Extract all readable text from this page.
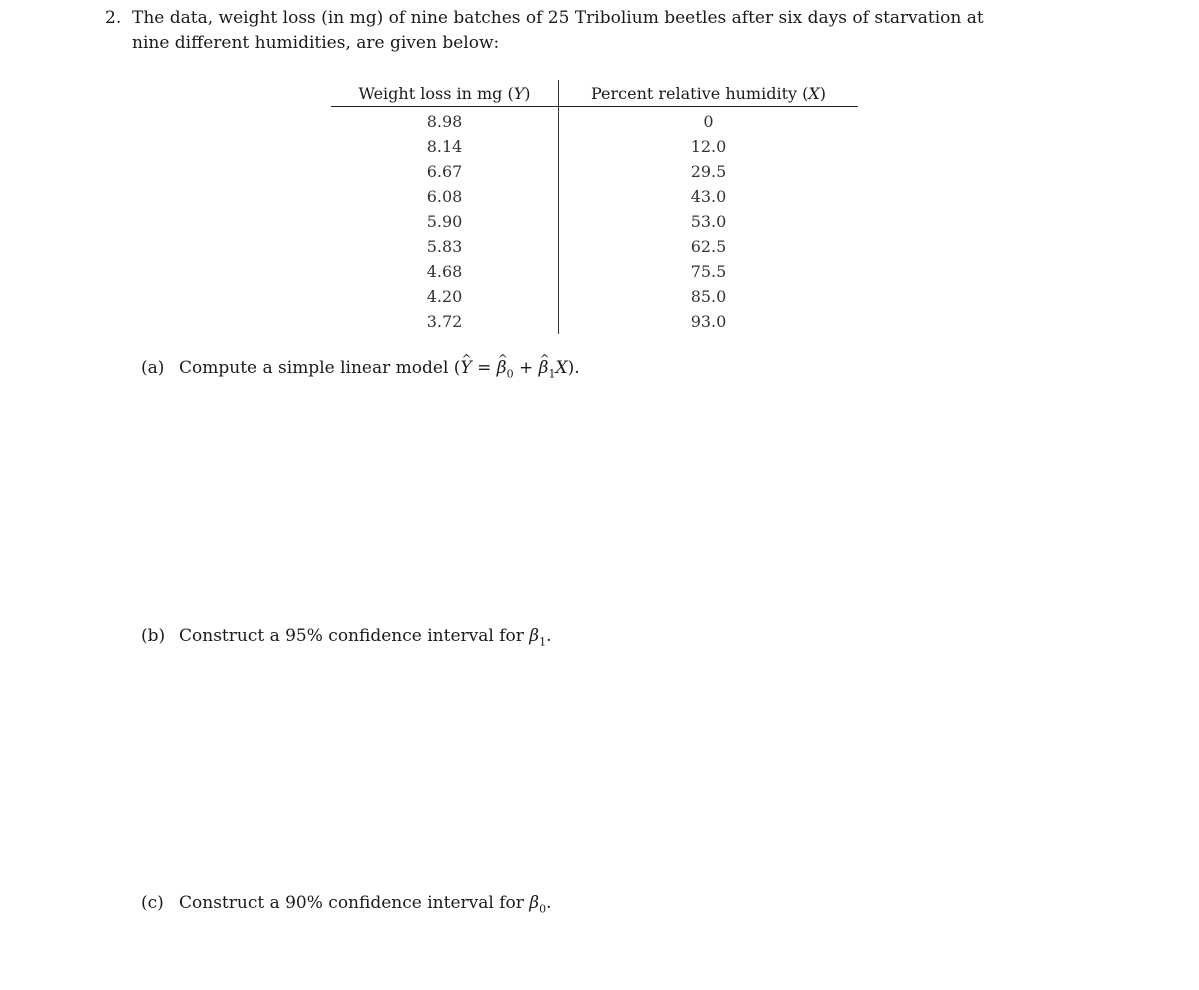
2. The data, weight loss (in mg) of nine batches of 25 Tribolium beetles after six days of starvation at
nine different humidities, are given below:
Weight loss in mg (Y)	Percent relative humidity (X)
8.98	0
8.14	12.0
6.67	29.5
6.08	43.0
5.90	53.0
5.83	62.5
4.68	75.5
4.20	85.0
3.72	93.0
(a) Compute a simple linear model (^ Y = ^ $\beta_0$ + ^ $\beta_1X$).
(b) Construct a 95% confidence interval for $\beta_1$.
(c) Construct a 90% confidence interval for $\beta_0$.
